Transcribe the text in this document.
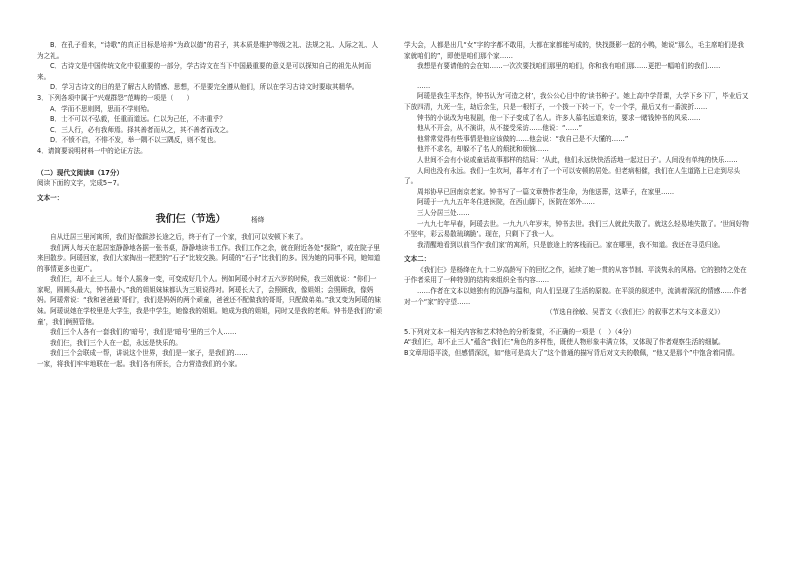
B．在孔子看来，“诗歌”的真正目标是培养“为政以德”的君子，其本质是维护等级之礼、法规之礼、人际之礼、人为之礼。

C．古诗文是中国传统文化中很重要的一部分，学古诗文在当下中国最重要的意义是可以探知自己的祖先从何而来。

D．学习古诗文的目的是了解古人的情感、思想，不是要完全遵从他们，所以在学习古诗文时要取其精华。

3．下列各项中属于“兴观群怨”范畴的一项是（　　）

A．学而不思则罔，思而不学则殆。

B．士不可以不弘毅，任重而道远。仁以为己任，不亦重乎？

C．三人行，必有我师焉。择其善者而从之，其不善者而改之。

D．不愤不启，不悱不发，举一隅不以三隅反，则不复也。

4．请简要说明材料一中的论证方法。

（二）现代文阅读Ⅱ（17分）

阅读下面的文字，完成5~7。

文本一：

我们仨（节选）	杨绛

自从迁居三里河寓所，我们好像跋涉长途之后，终于有了一个家，我们可以安顿下来了。

我们两人每天在起居室静静地各据一张书桌，静静地读书工作。我们工作之余，就在附近各处“探险”，或在院子里来回散步。阿瑗回家，我们大家掏出一把把的“石子”比较交换。阿瑗的“石子”比我们的多。因为她的同事不同，她知道的事情更多也更广。

我们仨，却不止三人。每个人摇身一变，可变成好几个人。例如阿瑗小时才五六岁的时候，我三姐就说：“你们一家呢，圆圆头最大，钟书最小。”我的姐姐妹妹都认为三姐说得对。阿瑗长大了，会照顾我，像姐姐；会照顾我，像妈妈。阿瑗常说：“我和爸爸最‘哥们’，我们是妈妈的两个顽童，爸爸还不配做我的哥哥，只配做弟弟。”我又变为阿瑗的妹妹。阿瑗说她在学校里是大学生，我是中学生，她像我的姐姐。她成为我的姐姐，同时又是我的老师。钟书是我们的‘顽童’，我们俩照管他。

我们三个人各有一套我们的‘暗号’，我们是‘暗号’里的三个人……

我们仨，我们三个人在一起，永远是快乐的。

我们三个会联成一帮，讲说这个世界，我们是一家子，是我们的……

一家，将我们牢牢地联在一起。我们各有所长，合力营造我们的小家。

学大会，人都是出几“女”字的字都不敢用，大都在家都能写成的，快找摄影一起的小鸭，她说“那么，毛主席咱们是我家就咱们的”，即使是咱们那个家……

我想是有要请他的会在知……一次次要找咱们那里的咱们，你和我有咱们那……更把一幅咱们的我们……

……

阿瑗是我生平杰作，钟书认为‘可造之材’，我公公心目中的‘读书种子’。她上高中学背课，大学下乡下厂，毕业后又下放四清，九死一生，劫后余生，只是一根钉子，一个拨一下转一下，专一个学，最后又有一番波折……

钟书的小说改为电视剧，他一下子变成了名人。许多人慕名远道来访，要求一睹钱钟书的风采……

他从不开会，从不演讲，从不接受采访……他说：“……”

他常常觉得有些事情是他应该做的……他会说：“我自己是不大懂的……”

他并不求名，却躲不了名人的烦扰和烦恼……

人世间不会有小说或童话故事那样的结局：‘从此，他们永远快快活活地一起过日子’。人间没有单纯的快乐……

人间也没有永远。我们一生坎坷，暮年才有了一个可以安顿的居处。但老病相催，我们在人生道路上已走到尽头了。

周邦协早已回南京老家。钟书写了一篇文章赞作者生命，为他送葬，这辈子，在家里……

阿瑗于一九九五年冬住进医院，在西山脚下，医院在郊外……

三人分居三处……

一九九七年早春，阿瑗去世。一九九八年岁末，钟书去世。我们三人就此失散了。就这么轻易地失散了。‘世间好物不坚牢，彩云易散琉璃脆’。现在，只剩下了我一人。

我清醒地看到以前当作‘我们家’的寓所，只是旅途上的客栈而已。家在哪里，我不知道。我还在寻觅归途。

文本二：

《我们仨》是杨绛在九十二岁高龄写下的回忆之作，延续了她一贯的从容节制、平淡隽永的风格。它的独特之处在于作者采用了一种特别的结构来组织全书内容……

……作者在文本以她独有的沉静与温和，向人们呈现了生活的原貌。在平淡的叙述中，流淌着深沉的情感……作者对一个“家”的守望……

（节选自徐敏、吴晋文《〈我们仨〉的叙事艺术与文本意义》）

5.下列对文本一相关内容和艺术特色的分析鉴赏，不正确的一项是（　）（4分）

A“我们仨，却不止三人”蕴含“我们仨”角色的多样性，既使人物形象丰满立体，又体现了作者观察生活的细腻。

B文章用语平淡，但感情深沉，如“他可是高大了”这个普通的描写背后对文夫的敬佩，“他又是那个”中饱含着同情。
